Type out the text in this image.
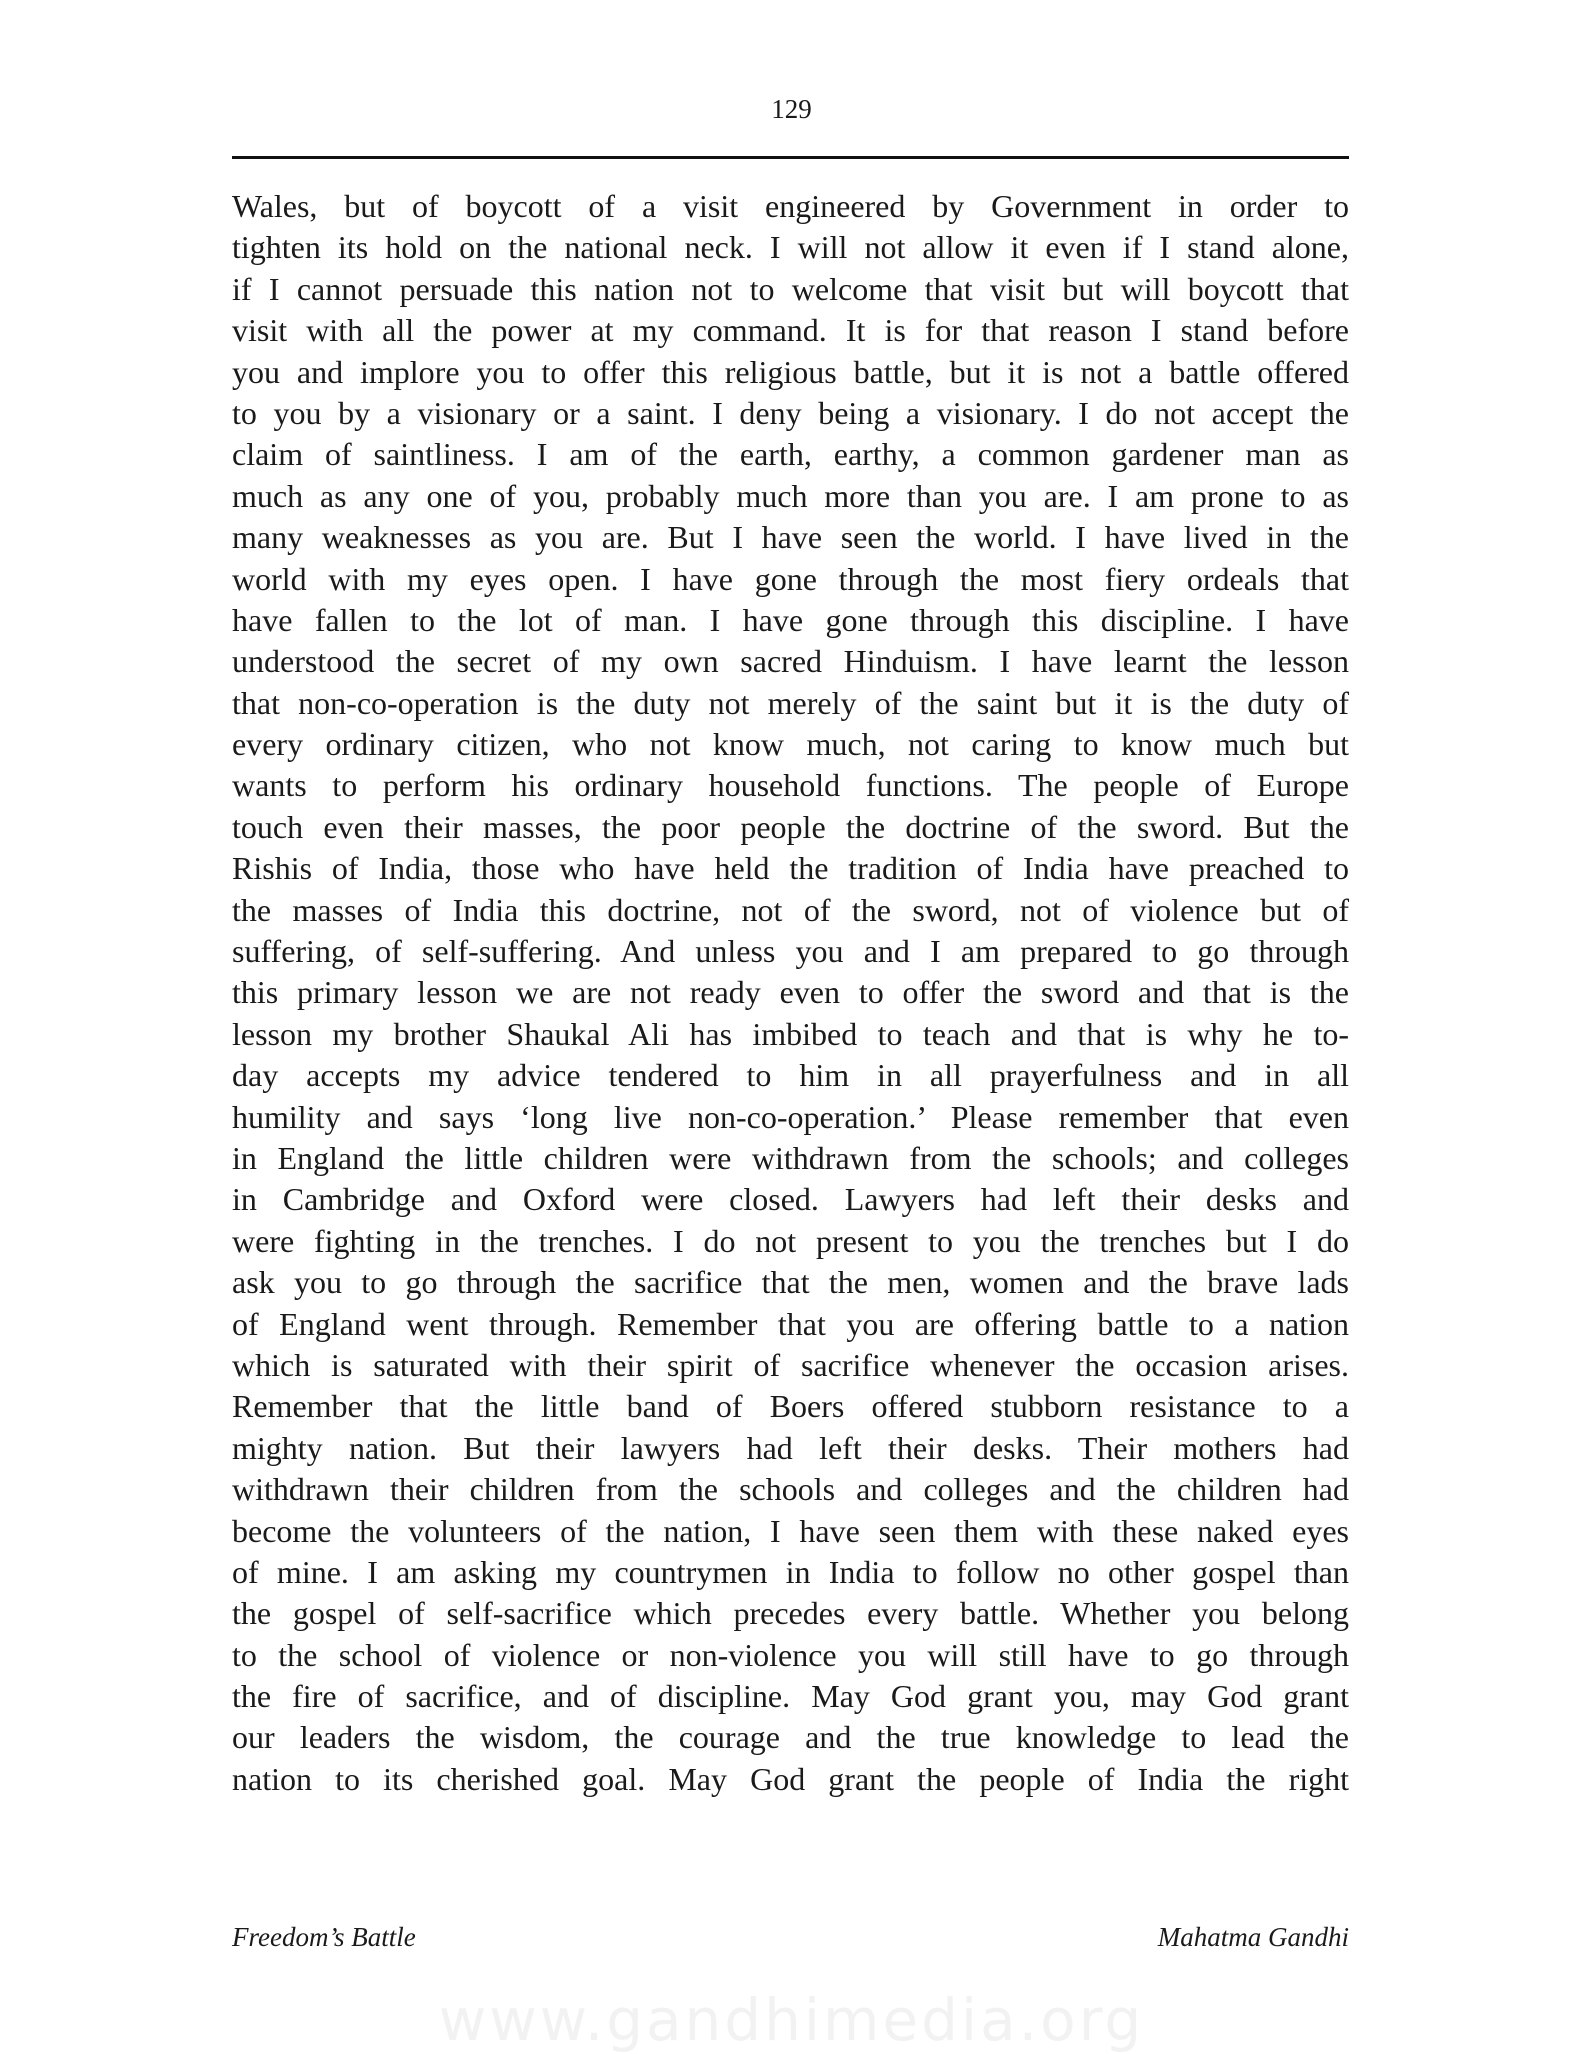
129
Wales, but of boycott of a visit engineered by Government in order to
tighten its hold on the national neck. I will not allow it even if I stand alone,
if I cannot persuade this nation not to welcome that visit but will boycott that
visit with all the power at my command. It is for that reason I stand before
you and implore you to offer this religious battle, but it is not a battle offered
to you by a visionary or a saint. I deny being a visionary. I do not accept the
claim of saintliness. I am of the earth, earthy, a common gardener man as
much as any one of you, probably much more than you are. I am prone to as
many weaknesses as you are. But I have seen the world. I have lived in the
world with my eyes open. I have gone through the most fiery ordeals that
have fallen to the lot of man. I have gone through this discipline. I have
understood the secret of my own sacred Hinduism. I have learnt the lesson
that non-co-operation is the duty not merely of the saint but it is the duty of
every ordinary citizen, who not know much, not caring to know much but
wants to perform his ordinary household functions. The people of Europe
touch even their masses, the poor people the doctrine of the sword. But the
Rishis of India, those who have held the tradition of India have preached to
the masses of India this doctrine, not of the sword, not of violence but of
suffering, of self-suffering. And unless you and I am prepared to go through
this primary lesson we are not ready even to offer the sword and that is the
lesson my brother Shaukal Ali has imbibed to teach and that is why he to-
day accepts my advice tendered to him in all prayerfulness and in all
humility and says ‘long live non-co-operation.’ Please remember that even
in England the little children were withdrawn from the schools; and colleges
in Cambridge and Oxford were closed. Lawyers had left their desks and
were fighting in the trenches. I do not present to you the trenches but I do
ask you to go through the sacrifice that the men, women and the brave lads
of England went through. Remember that you are offering battle to a nation
which is saturated with their spirit of sacrifice whenever the occasion arises.
Remember that the little band of Boers offered stubborn resistance to a
mighty nation. But their lawyers had left their desks. Their mothers had
withdrawn their children from the schools and colleges and the children had
become the volunteers of the nation, I have seen them with these naked eyes
of mine. I am asking my countrymen in India to follow no other gospel than
the gospel of self-sacrifice which precedes every battle. Whether you belong
to the school of violence or non-violence you will still have to go through
the fire of sacrifice, and of discipline. May God grant you, may God grant
our leaders the wisdom, the courage and the true knowledge to lead the
nation to its cherished goal. May God grant the people of India the right
Freedom’s Battle	Mahatma Gandhi
www.gandhimedia.org
